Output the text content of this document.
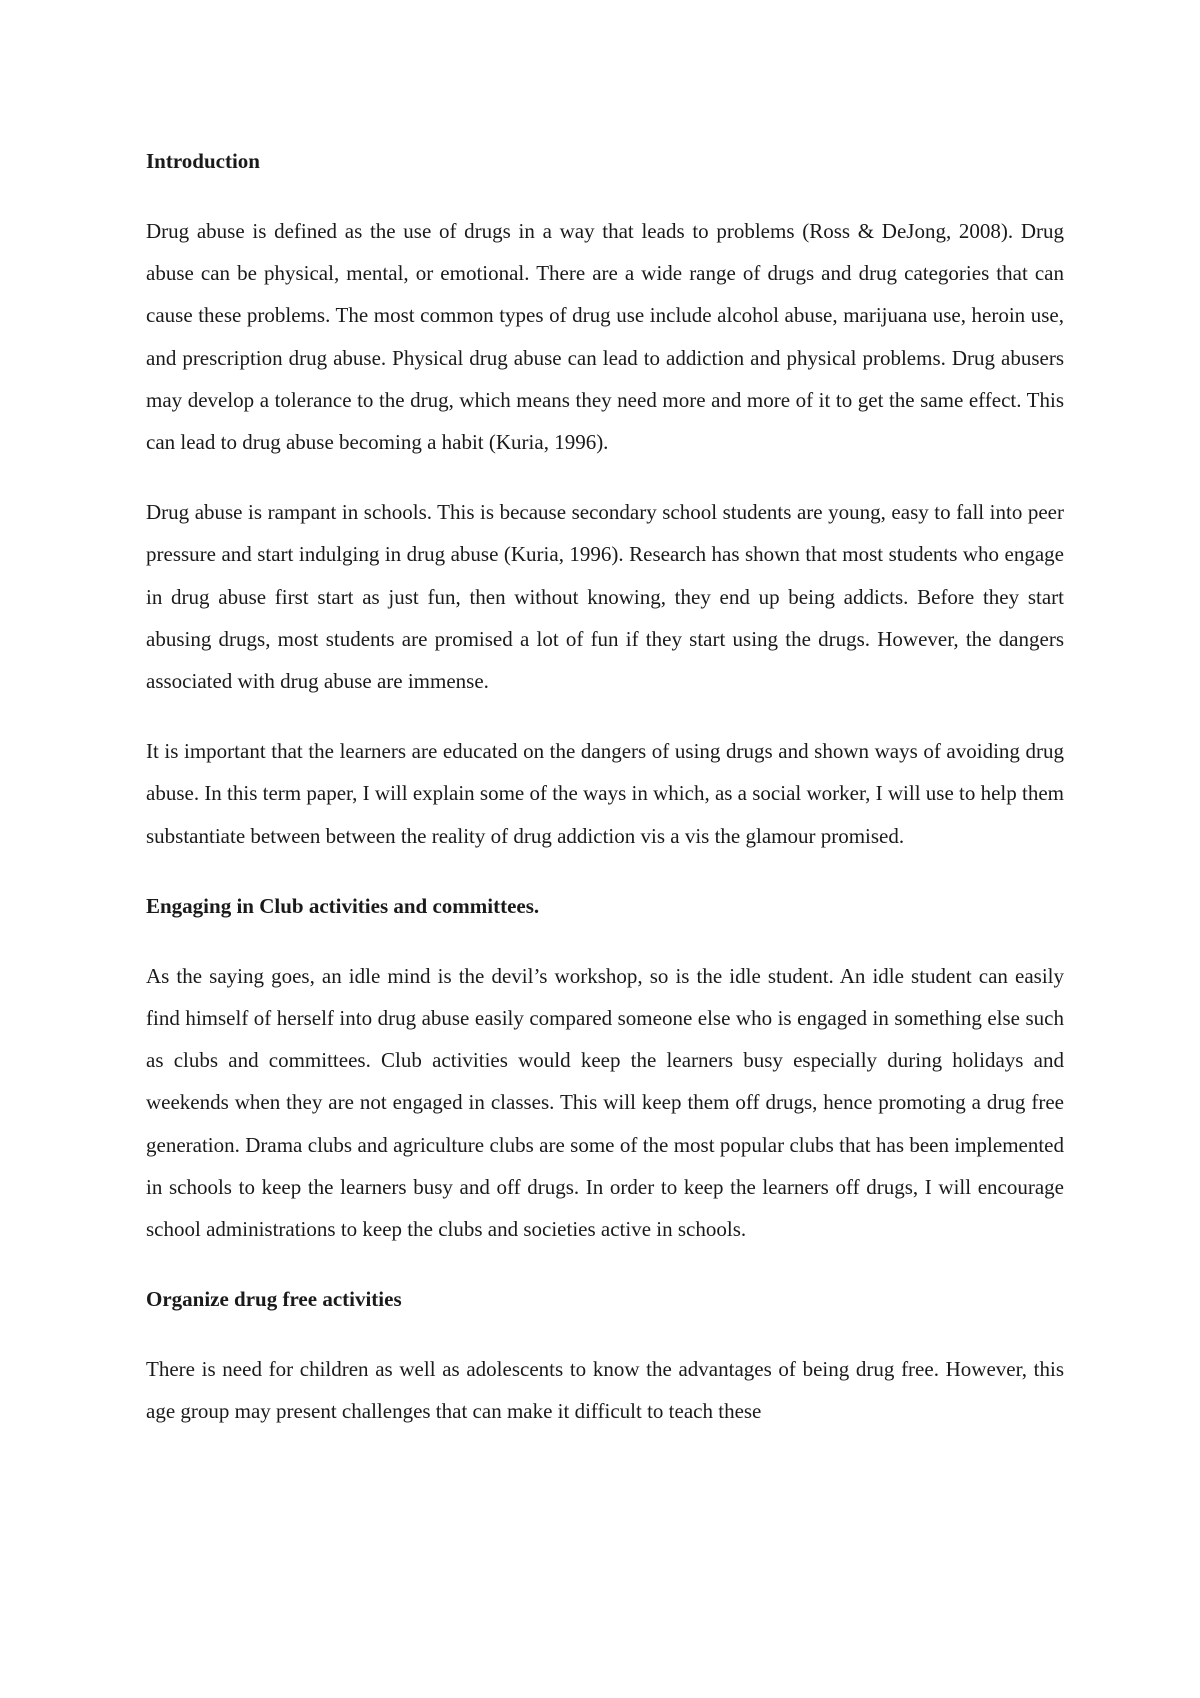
Introduction

Drug abuse is defined as the use of drugs in a way that leads to problems (Ross & DeJong, 2008). Drug abuse can be physical, mental, or emotional. There are a wide range of drugs and drug categories that can cause these problems. The most common types of drug use include alcohol abuse, marijuana use, heroin use, and prescription drug abuse. Physical drug abuse can lead to addiction and physical problems. Drug abusers may develop a tolerance to the drug, which means they need more and more of it to get the same effect. This can lead to drug abuse becoming a habit (Kuria, 1996).

Drug abuse is rampant in schools. This is because secondary school students are young, easy to fall into peer pressure and start indulging in drug abuse (Kuria, 1996). Research has shown that most students who engage in drug abuse first start as just fun, then without knowing, they end up being addicts. Before they start abusing drugs, most students are promised a lot of fun if they start using the drugs. However, the dangers associated with drug abuse are immense.

It is important that the learners are educated on the dangers of using drugs and shown ways of avoiding drug abuse. In this term paper, I will explain some of the ways in which, as a social worker, I will use to help them substantiate between between the reality of drug addiction vis a vis the glamour promised.

Engaging in Club activities and committees.

As the saying goes, an idle mind is the devil’s workshop, so is the idle student. An idle student can easily find himself of herself into drug abuse easily compared someone else who is engaged in something else such as clubs and committees. Club activities would keep the learners busy especially during holidays and weekends when they are not engaged in classes. This will keep them off drugs, hence promoting a drug free generation. Drama clubs and agriculture clubs are some of the most popular clubs that has been implemented in schools to keep the learners busy and off drugs. In order to keep the learners off drugs, I will encourage school administrations to keep the clubs and societies active in schools.

Organize drug free activities

There is need for children as well as adolescents to know the advantages of being drug free. However, this age group may present challenges that can make it difficult to teach these
